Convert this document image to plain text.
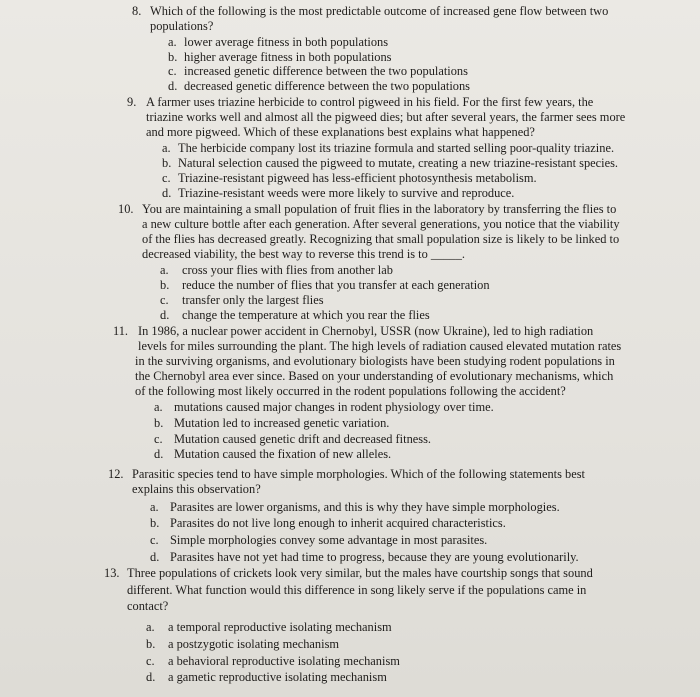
8. Which of the following is the most predictable outcome of increased gene flow between two
populations?
a. lower average fitness in both populations
b. higher average fitness in both populations
c. increased genetic difference between the two populations
d. decreased genetic difference between the two populations
9. A farmer uses triazine herbicide to control pigweed in his field. For the first few years, the
triazine works well and almost all the pigweed dies; but after several years, the farmer sees more
and more pigweed. Which of these explanations best explains what happened?
a. The herbicide company lost its triazine formula and started selling poor-quality triazine.
b. Natural selection caused the pigweed to mutate, creating a new triazine-resistant species.
c. Triazine-resistant pigweed has less-efficient photosynthesis metabolism.
d. Triazine-resistant weeds were more likely to survive and reproduce.
10. You are maintaining a small population of fruit flies in the laboratory by transferring the flies to
a new culture bottle after each generation. After several generations, you notice that the viability
of the flies has decreased greatly. Recognizing that small population size is likely to be linked to
decreased viability, the best way to reverse this trend is to _____.
a. cross your flies with flies from another lab
b. reduce the number of flies that you transfer at each generation
c. transfer only the largest flies
d. change the temperature at which you rear the flies
11. In 1986, a nuclear power accident in Chernobyl, USSR (now Ukraine), led to high radiation
levels for miles surrounding the plant. The high levels of radiation caused elevated mutation rates
in the surviving organisms, and evolutionary biologists have been studying rodent populations in
the Chernobyl area ever since. Based on your understanding of evolutionary mechanisms, which
of the following most likely occurred in the rodent populations following the accident?
a. mutations caused major changes in rodent physiology over time.
b. Mutation led to increased genetic variation.
c. Mutation caused genetic drift and decreased fitness.
d. Mutation caused the fixation of new alleles.
12. Parasitic species tend to have simple morphologies. Which of the following statements best
explains this observation?
a. Parasites are lower organisms, and this is why they have simple morphologies.
b. Parasites do not live long enough to inherit acquired characteristics.
c. Simple morphologies convey some advantage in most parasites.
d. Parasites have not yet had time to progress, because they are young evolutionarily.
13. Three populations of crickets look very similar, but the males have courtship songs that sound
different. What function would this difference in song likely serve if the populations came in
contact?
a. a temporal reproductive isolating mechanism
b. a postzygotic isolating mechanism
c. a behavioral reproductive isolating mechanism
d. a gametic reproductive isolating mechanism
